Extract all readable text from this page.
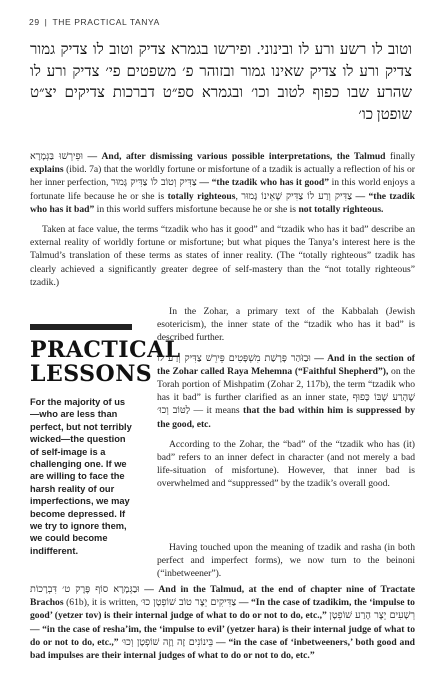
29 | THE PRACTICAL TANYA
וטוב לו רשע ורע לו ובינוני. ופירשו בגמרא צדיק וטוב לו צדיק גמור צדיק ורע לו צדיק שאינו גמור ובזוהר פ׳ משפטים פי׳ צדיק ורע לו שהרע שבו כפוף לטוב וכו׳ ובגמרא ספ״ט דברכות צדיקים יצ״ט שופטן כו׳

וּפֵירְשׁוּ בַּגְּמָרָא — And, after dismissing various possible interpretations, the Talmud finally explains (ibid. 7a) that the worldly fortune or misfortune of a tzadik is actually a reflection of his or her inner perfection, צַדִּיק וְטוֹב לוֹ צַדִּיק גָּמוּר — “the tzadik who has it good” in this world enjoys a fortunate life because he or she is totally righteous, צַדִּיק וְרַע לוֹ צַדִּיק שֶׁאֵינוֹ גָּמוּר — “the tzadik who has it bad” in this world suffers misfortune because he or she is not totally righteous.

Taken at face value, the terms “tzadik who has it good” and “tzadik who has it bad” describe an external reality of worldly fortune or misfortune; but what piques the Tanya’s interest here is the Talmud’s translation of these terms as states of inner reality. (The “totally righteous” tzadik has clearly achieved a significantly greater degree of self-mastery than the “not totally righteous” tzadik.)

PRACTICAL
LESSONS
For the majority of us—who are less than perfect, but not terribly wicked—the question of self-image is a challenging one. If we are willing to face the harsh reality of our imperfections, we may become depressed. If we try to ignore them, we could become indifferent.

In the Zohar, a primary text of the Kabbalah (Jewish esotericism), the inner state of the “tzadik who has it bad” is described further.

וּבַזֹּהַר פָּרָשַׁת מִשְׁפָּטִים פֵּירֵשׁ צַדִּיק וְרַע לוֹ — And in the section of the Zohar called Raya Mehemna (“Faithful Shepherd”), on the Torah portion of Mishpatim (Zohar 2, 117b), the term “tzadik who has it bad” is further clarified as an inner state, שֶׁהָרַע שֶׁבּוֹ כָּפוּף לַטּוֹב וְכוּ׳ — it means that the bad within him is suppressed by the good, etc.

According to the Zohar, the “bad” of the “tzadik who has (it) bad” refers to an inner defect in character (and not merely a bad life-situation of misfortune). However, that inner bad is overwhelmed and “suppressed” by the tzadik’s overall good.

Having touched upon the meaning of tzadik and rasha (in both perfect and imperfect forms), we now turn to the beinoni (“inbetweener”).

וּבַגְּמָרָא סוֹף פֶּרֶק ט׳ דִּבְרָכוֹת — And in the Talmud, at the end of chapter nine of Tractate Brachos (61b), it is written, צַדִּיקִים יֵצֶר טוֹב שׁוֹפְטָן כוּ׳ — “In the case of tzadikim, the ‘impulse to good’ (yetzer tov) is their internal judge of what to do or not to do, etc.,” רְשָׁעִים יֵצֶר הָרַע שׁוֹפְטָן — “in the case of resha’im, the ‘impulse to evil’ (yetzer hara) is their internal judge of what to do or not to do, etc.,” בֵּינוֹנִים זֶה וָזֶה שׁוֹפְטָן וְכוּ׳ — “in the case of ‘inbetweeners,’ both good and bad impulses are their internal judges of what to do or not to do, etc.”
